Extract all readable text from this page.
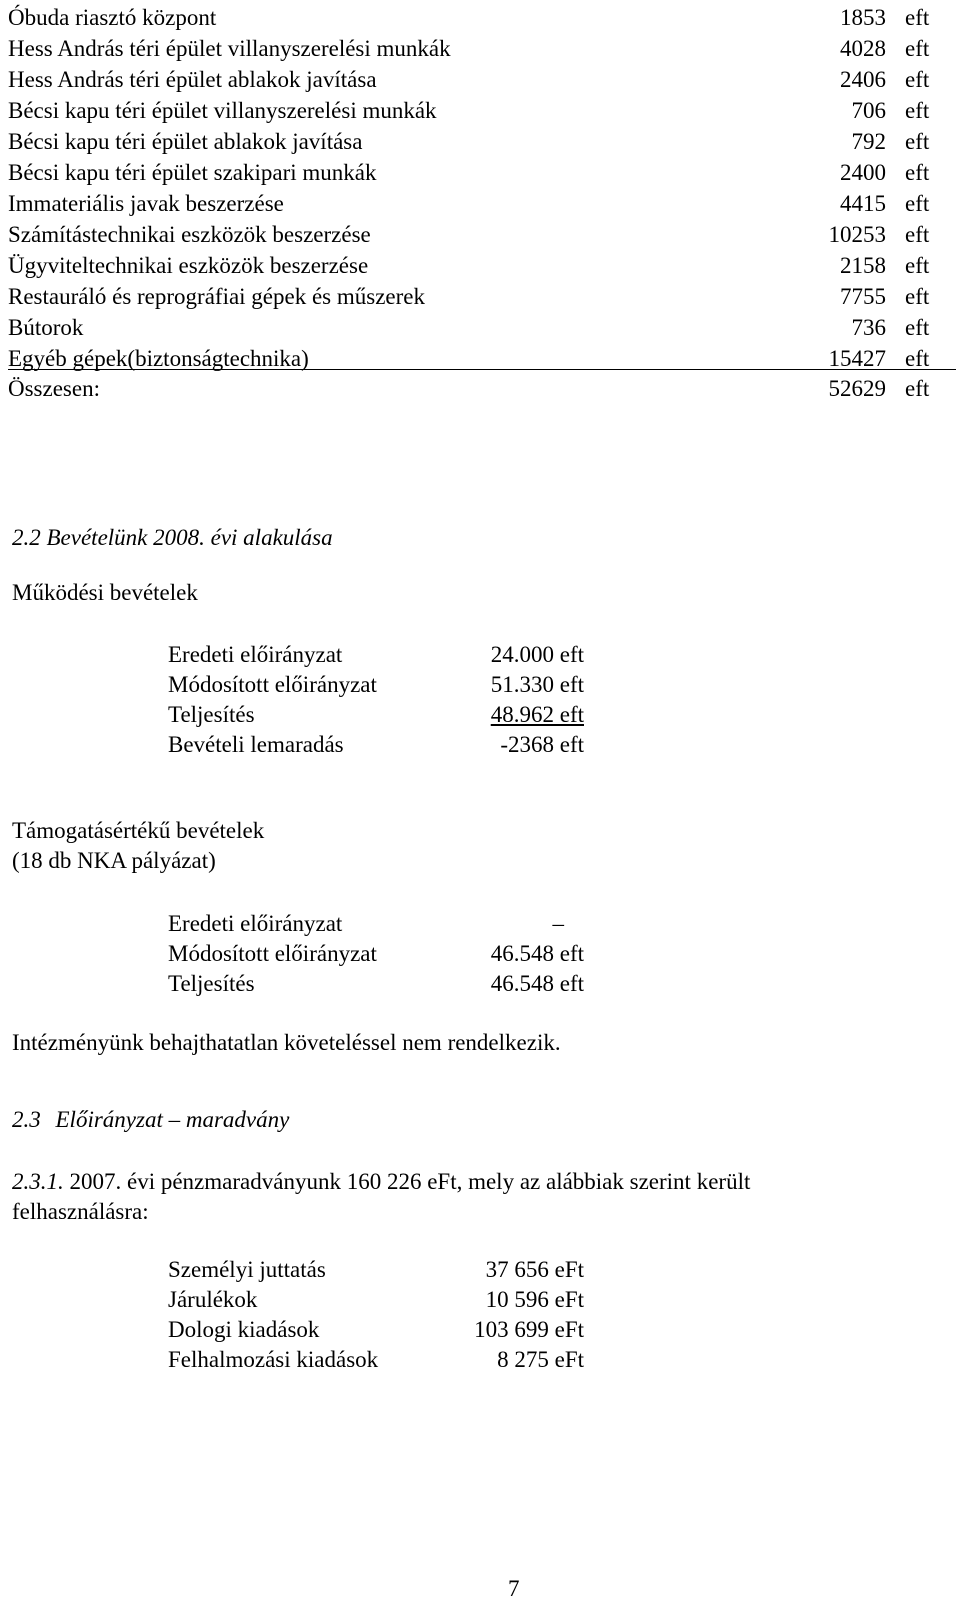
Óbuda riasztó központ	1853 eft
Hess András téri épület villanyszerelési munkák	4028 eft
Hess András téri épület ablakok javítása	2406 eft
Bécsi kapu téri épület villanyszerelési munkák	706 eft
Bécsi kapu téri épület ablakok javítása	792 eft
Bécsi kapu téri épület szakipari munkák	2400 eft
Immateriális javak beszerzése	4415 eft
Számítástechnikai eszközök beszerzése	10253 eft
Ügyviteltechnikai eszközök beszerzése	2158 eft
Restauráló és reprográfiai gépek és műszerek	7755 eft
Bútorok	736 eft
Egyéb gépek(biztonságtechnika)	15427 eft
Összesen:	52629 eft
2.2 Bevételünk 2008. évi alakulása
Működési bevételek
Eredeti előirányzat	24.000 eft
Módosított előirányzat	51.330 eft
Teljesítés	48.962 eft
Bevételi lemaradás	-2368 eft
Támogatásértékű bevételek
(18 db NKA pályázat)
Eredeti előirányzat	–
Módosított előirányzat	46.548 eft
Teljesítés	46.548 eft
Intézményünk behajthatatlan követeléssel nem rendelkezik.
2.3 Előirányzat – maradvány
2.3.1. 2007. évi pénzmaradványunk 160 226 eFt, mely az alábbiak szerint került
felhasználásra:
Személyi juttatás	37 656 eFt
Járulékok	10 596 eFt
Dologi kiadások	103 699 eFt
Felhalmozási kiadások	8 275 eFt
7
